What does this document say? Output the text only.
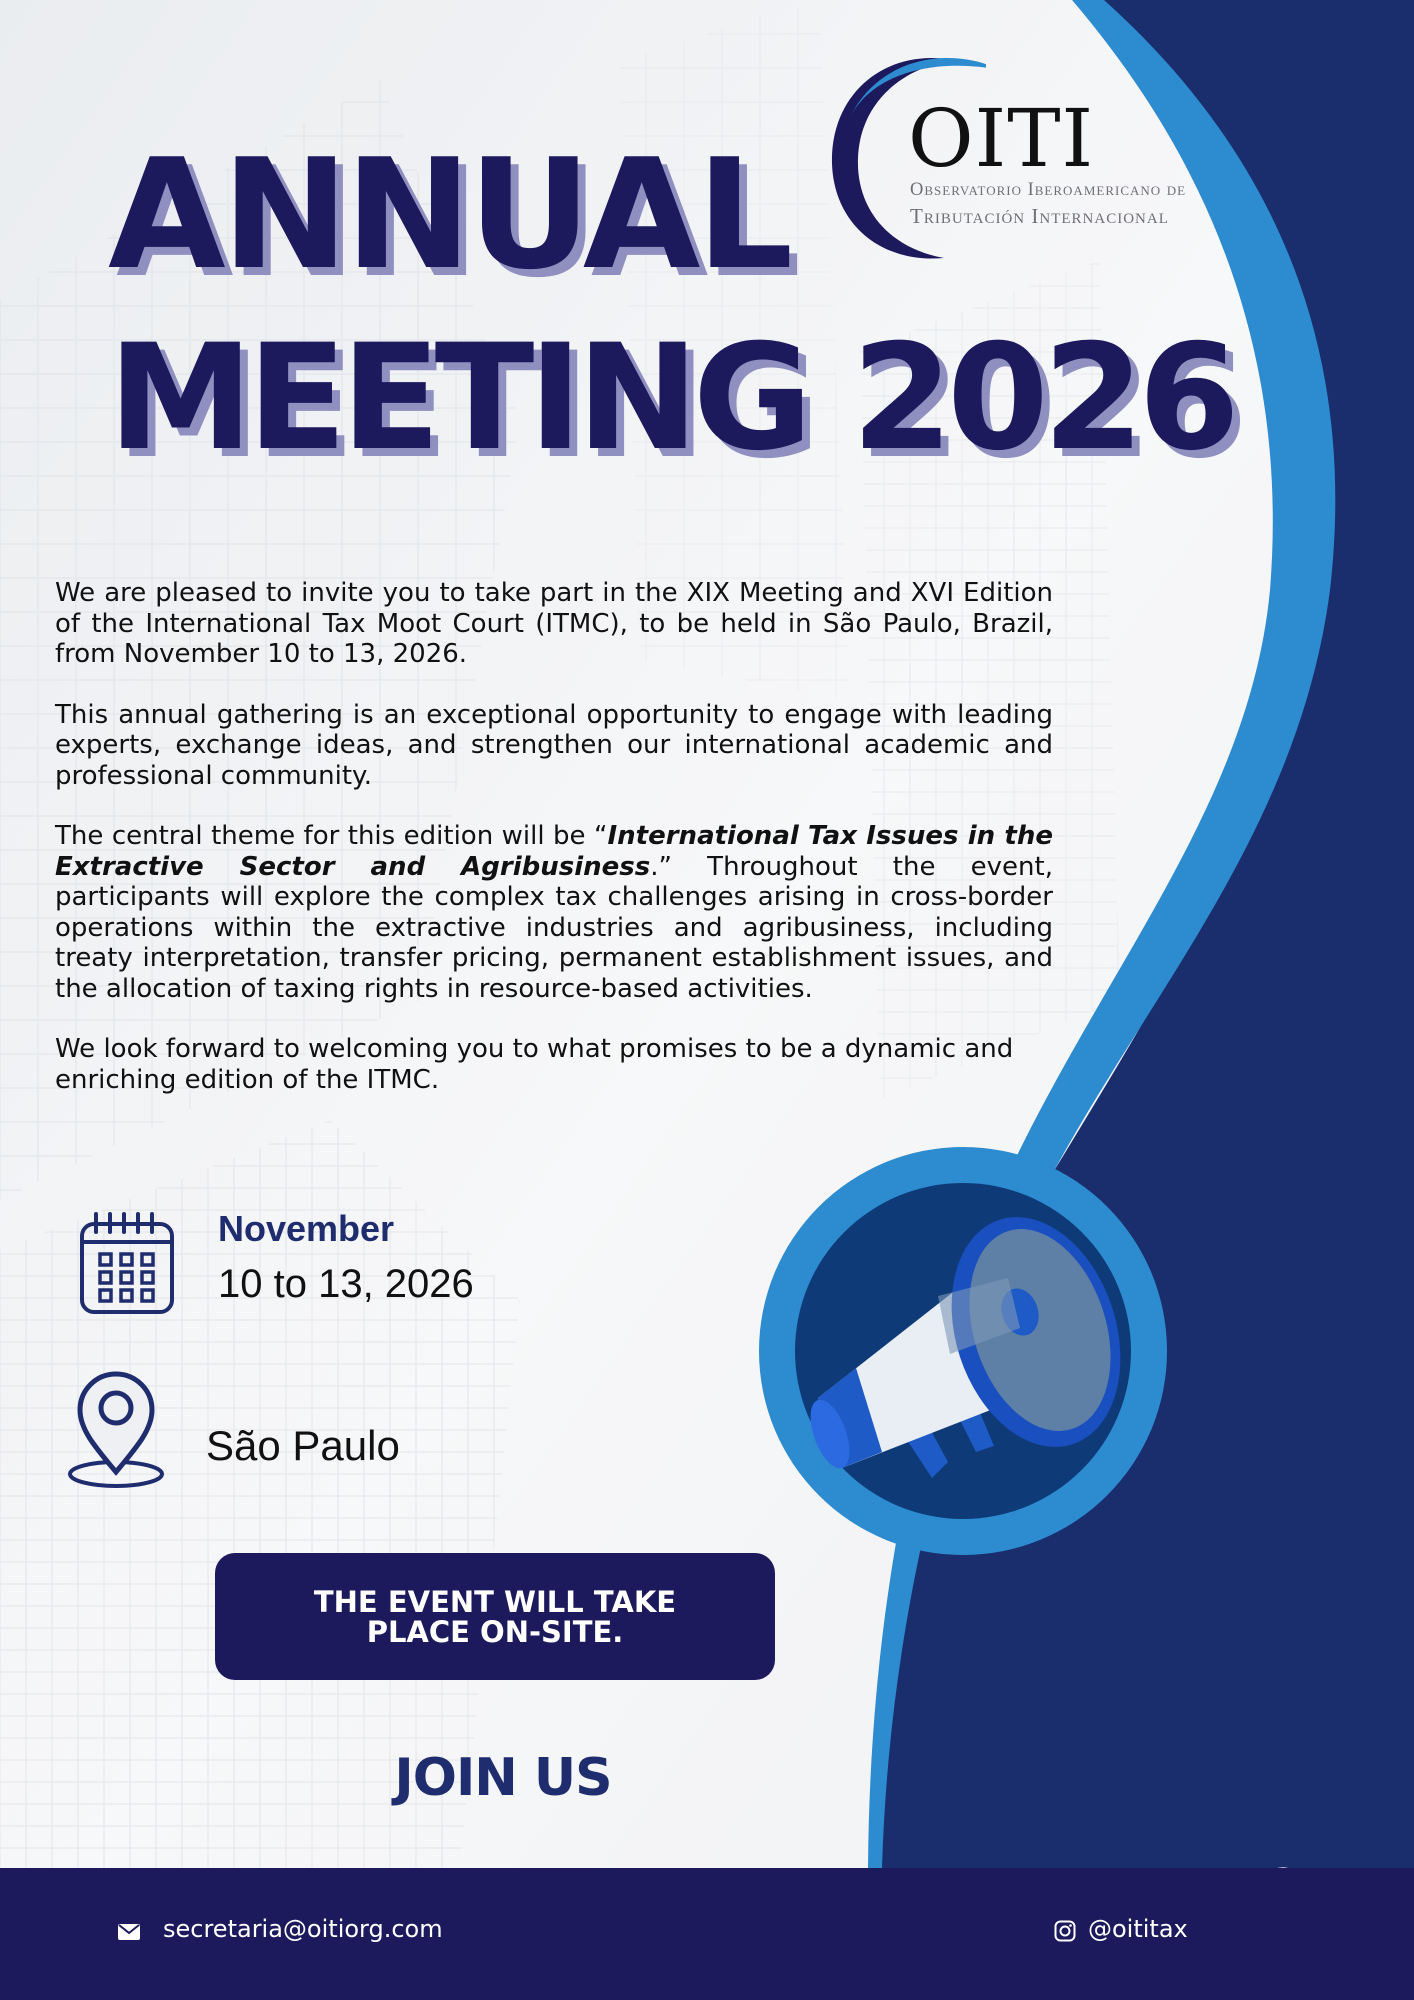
ANNUAL
MEETING 2026
OITI
Observatorio Iberoamericano de
Tributación Internacional

We are pleased to invite you to take part in the XIX Meeting and XVI Edition of the International Tax Moot Court (ITMC), to be held in São Paulo, Brazil, from November 10 to 13, 2026.

This annual gathering is an exceptional opportunity to engage with leading experts, exchange ideas, and strengthen our international academic and professional community.

The central theme for this edition will be “International Tax Issues in the Extractive Sector and Agribusiness.” Throughout the event, participants will explore the complex tax challenges arising in cross-border operations within the extractive industries and agribusiness, including treaty interpretation, transfer pricing, permanent establishment issues, and the allocation of taxing rights in resource-based activities.

We look forward to welcoming you to what promises to be a dynamic and enriching edition of the ITMC.

November
10 to 13, 2026
São Paulo
THE EVENT WILL TAKE PLACE ON-SITE.
JOIN US
secretaria@oitiorg.com	@oititax
